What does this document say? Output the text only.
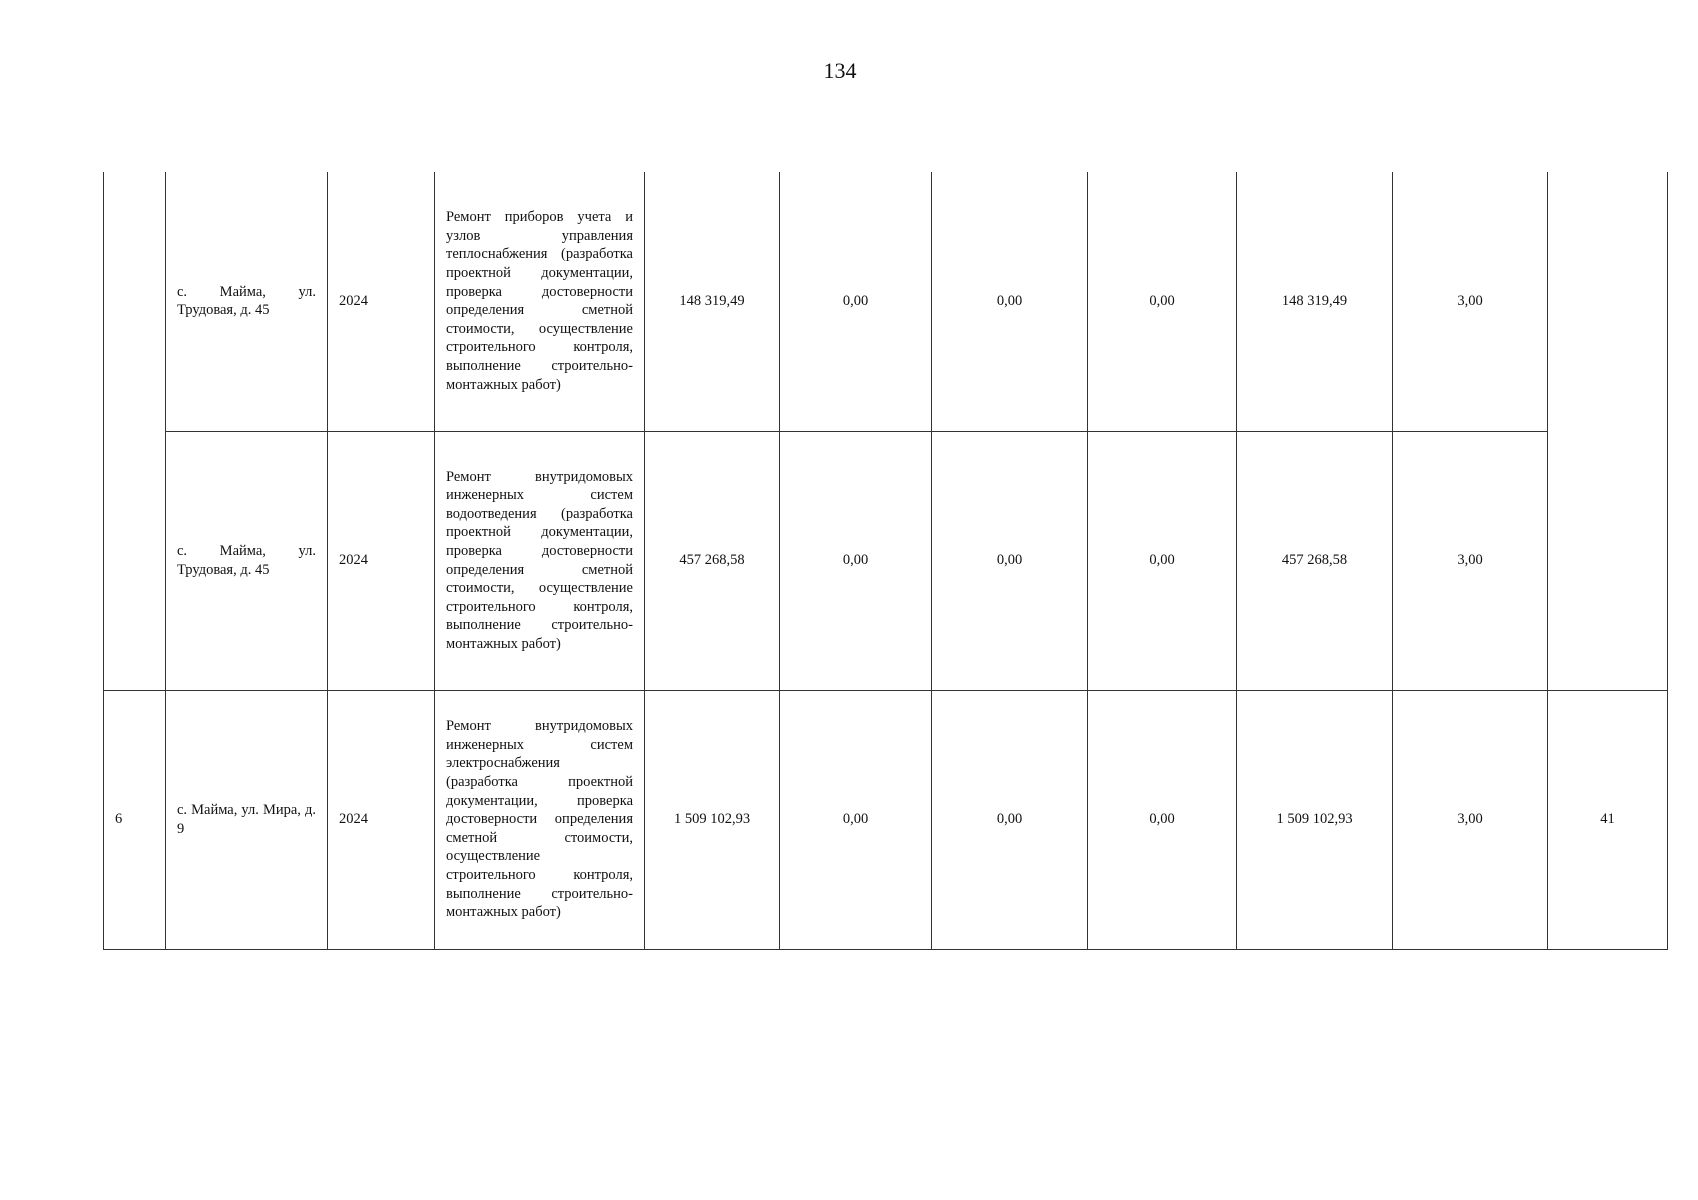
134
	с. Майма, ул. Трудовая, д. 45	2024	Ремонт приборов учета и узлов управления теплоснабжения (разработка проектной документации, проверка достоверности определения сметной стоимости, осуществление строительного контроля, выполнение строительно-монтажных работ)	148 319,49	0,00	0,00	0,00	148 319,49	3,00	
	с. Майма, ул. Трудовая, д. 45	2024	Ремонт внутридомовых инженерных систем водоотведения (разработка проектной документации, проверка достоверности определения сметной стоимости, осуществление строительного контроля, выполнение строительно-монтажных работ)	457 268,58	0,00	0,00	0,00	457 268,58	3,00	
6	с. Майма, ул. Мира, д. 9	2024	Ремонт внутридомовых инженерных систем электроснабжения (разработка проектной документации, проверка достоверности определения сметной стоимости, осуществление строительного контроля, выполнение строительно-монтажных работ)	1 509 102,93	0,00	0,00	0,00	1 509 102,93	3,00	41
